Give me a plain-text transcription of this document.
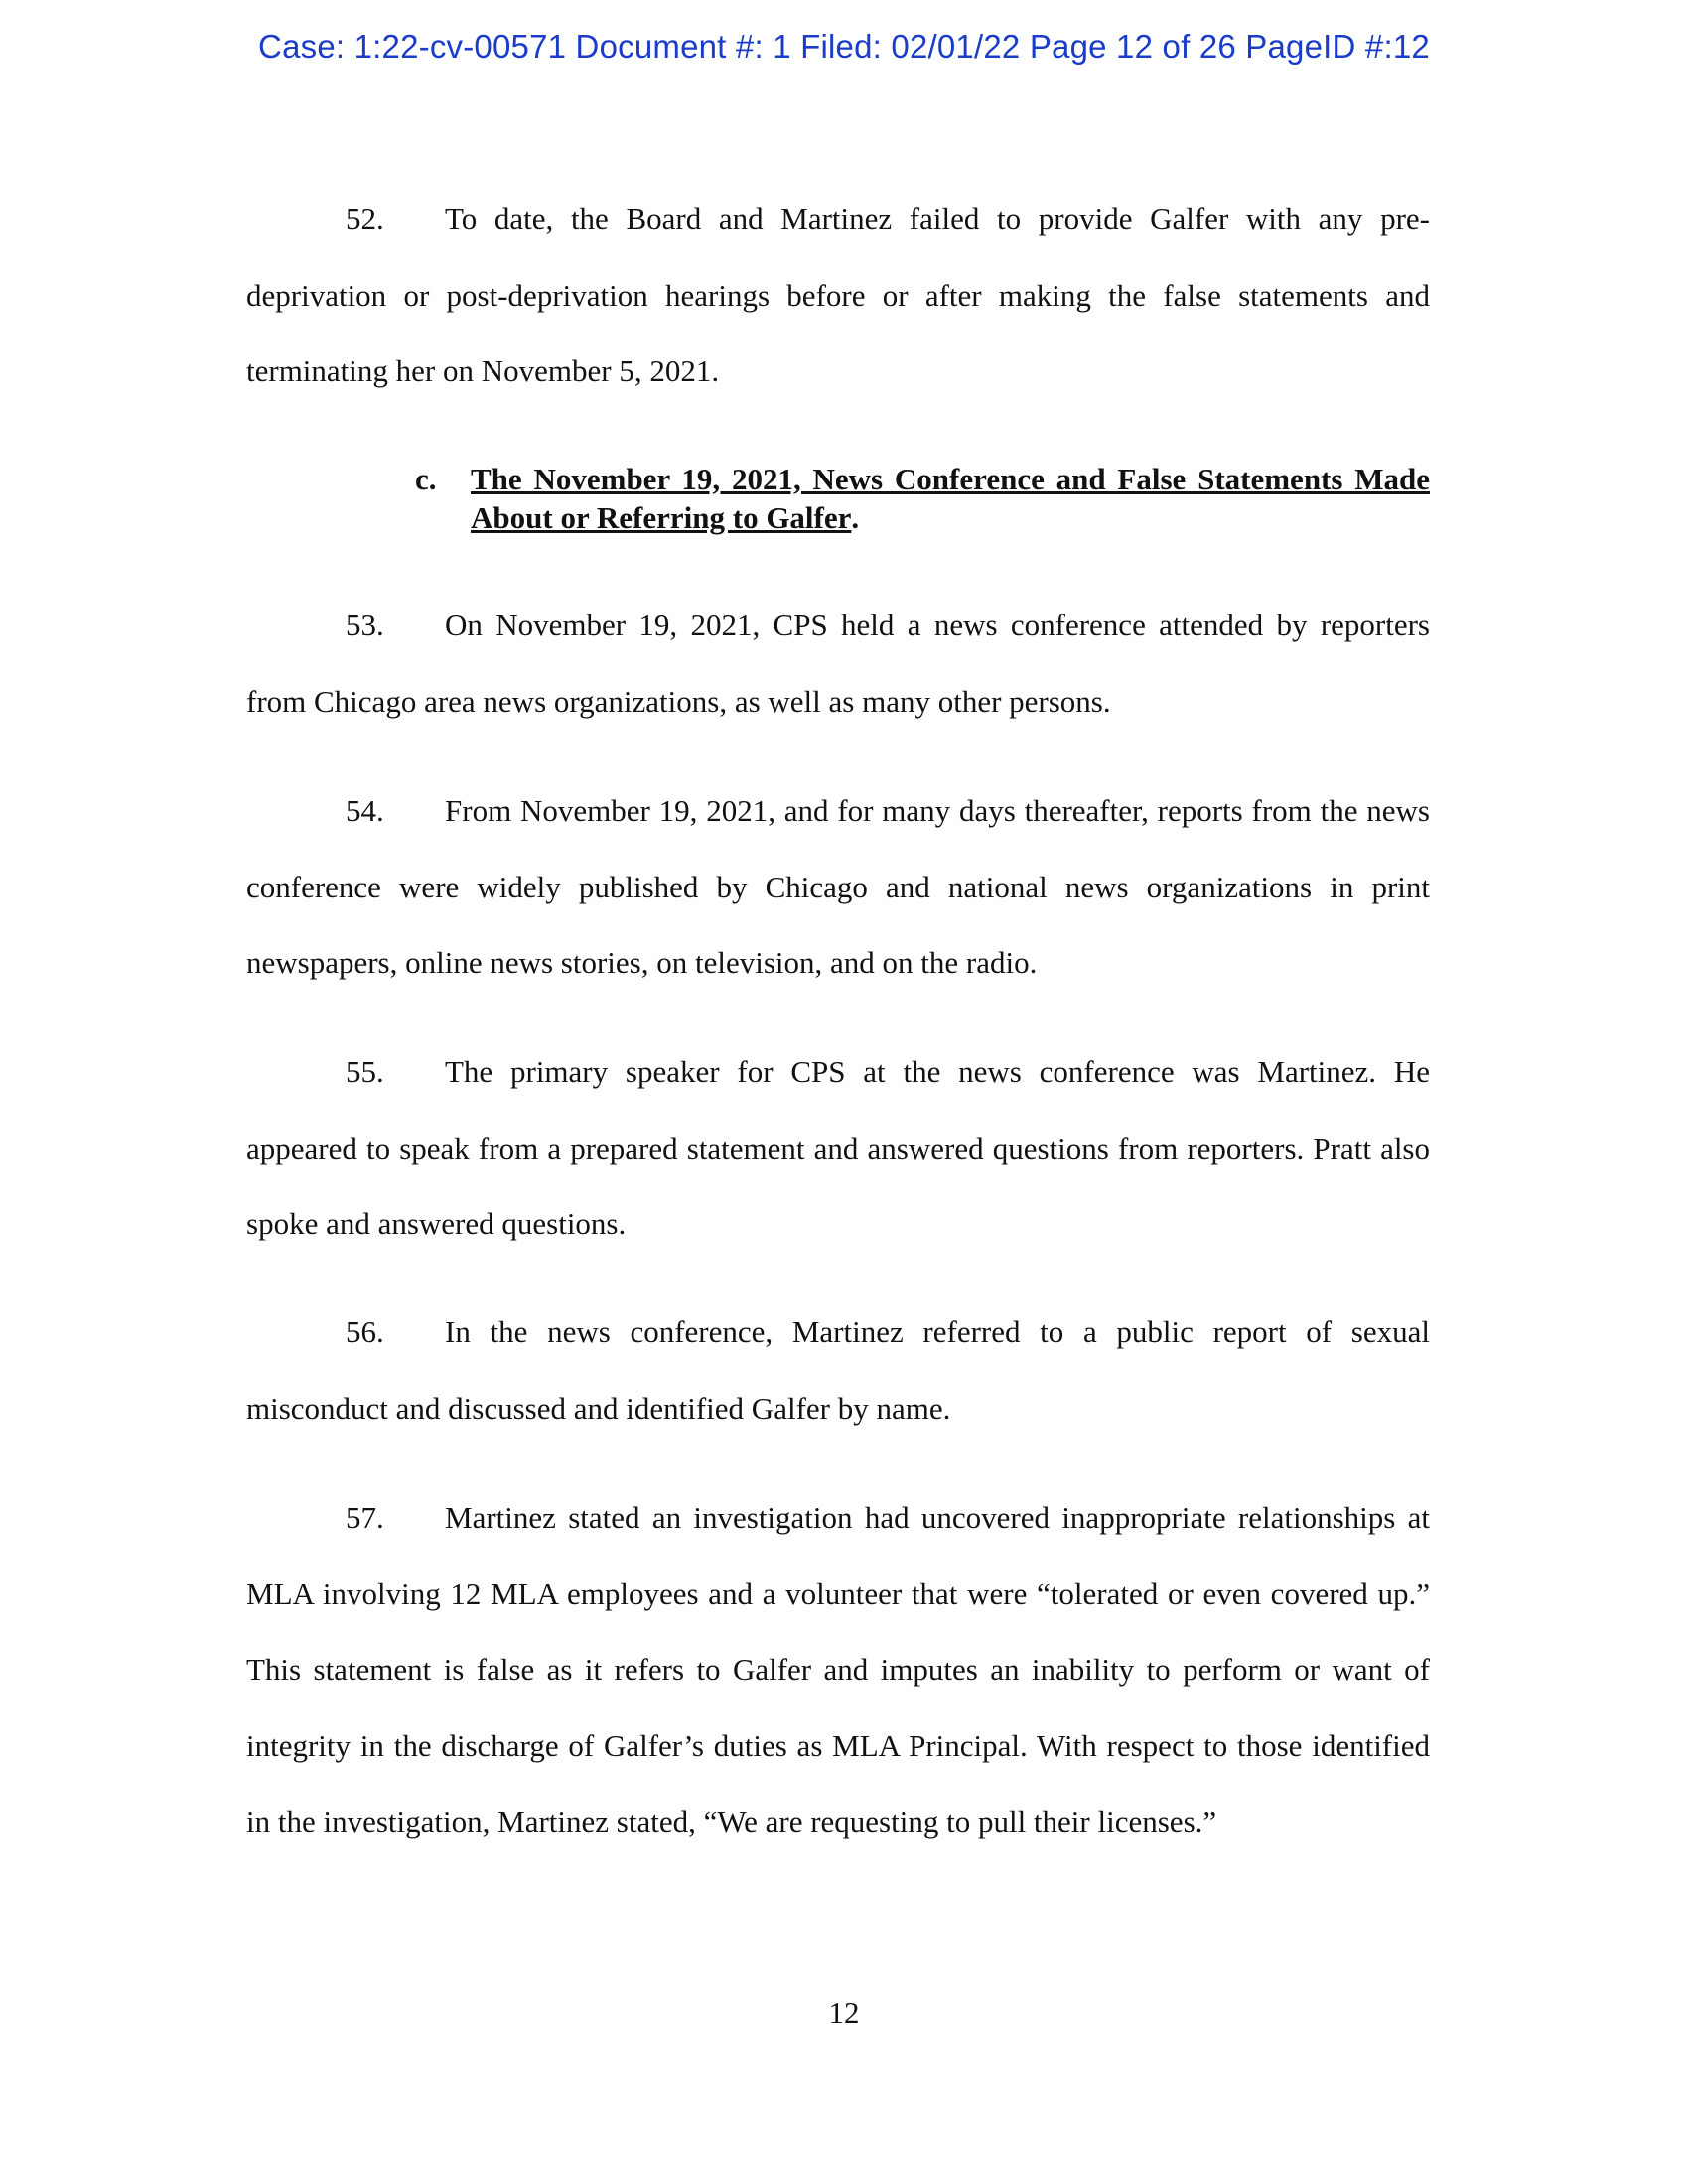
Case: 1:22-cv-00571 Document #: 1 Filed: 02/01/22 Page 12 of 26 PageID #:12

52. To date, the Board and Martinez failed to provide Galfer with any pre-deprivation or post-deprivation hearings before or after making the false statements and terminating her on November 5, 2021.

c. The November 19, 2021, News Conference and False Statements Made About or Referring to Galfer.

53. On November 19, 2021, CPS held a news conference attended by reporters from Chicago area news organizations, as well as many other persons.

54. From November 19, 2021, and for many days thereafter, reports from the news conference were widely published by Chicago and national news organizations in print newspapers, online news stories, on television, and on the radio.

55. The primary speaker for CPS at the news conference was Martinez. He appeared to speak from a prepared statement and answered questions from reporters. Pratt also spoke and answered questions.

56. In the news conference, Martinez referred to a public report of sexual misconduct and discussed and identified Galfer by name.

57. Martinez stated an investigation had uncovered inappropriate relationships at MLA involving 12 MLA employees and a volunteer that were “tolerated or even covered up.” This statement is false as it refers to Galfer and imputes an inability to perform or want of integrity in the discharge of Galfer’s duties as MLA Principal. With respect to those identified in the investigation, Martinez stated, “We are requesting to pull their licenses.”

12
